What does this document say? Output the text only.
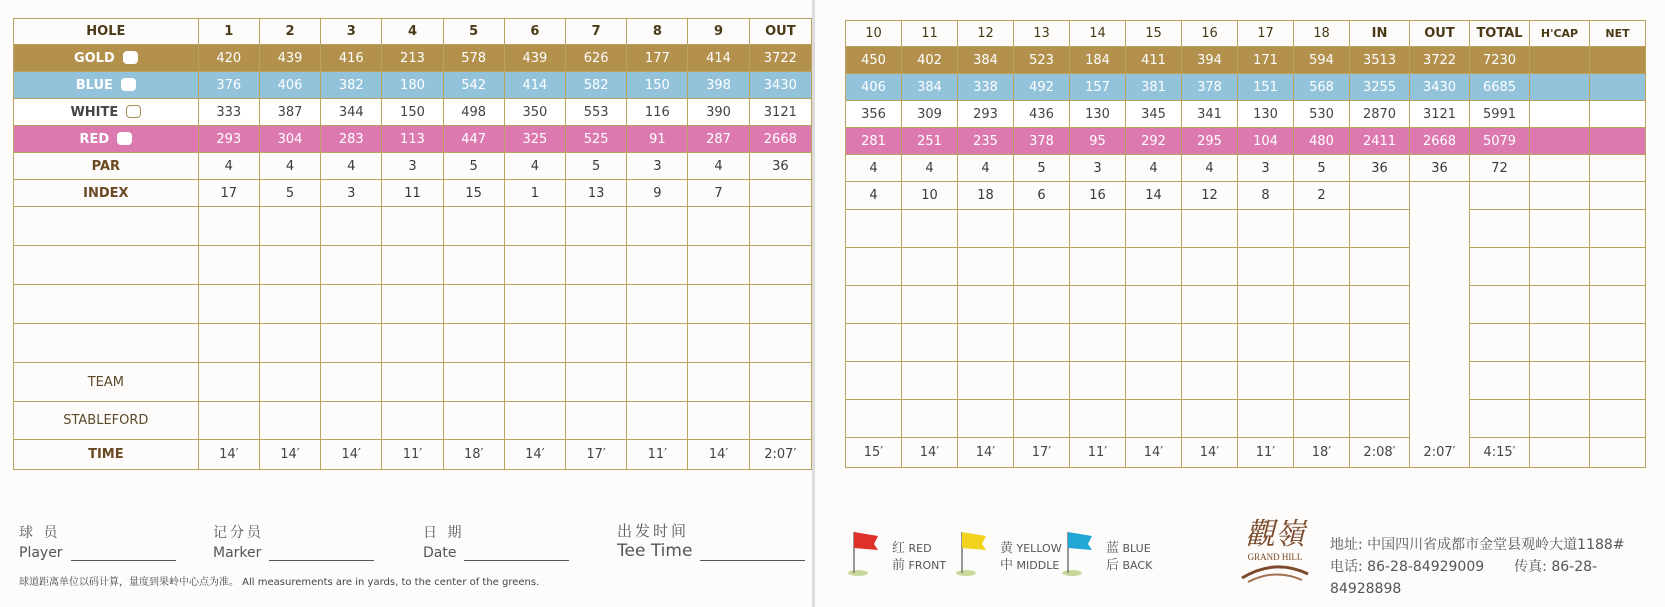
HOLE	1	2	3	4	5	6	7	8	9	OUT
GOLD	420	439	416	213	578	439	626	177	414	3722
BLUE	376	406	382	180	542	414	582	150	398	3430
WHITE	333	387	344	150	498	350	553	116	390	3121
RED	293	304	283	113	447	325	525	91	287	2668
PAR	4	4	4	3	5	4	5	3	4	36
INDEX	17	5	3	11	15	1	13	9	7	

TEAM										
STABLEFORD										
TIME	14′	14′	14′	11′	18′	14′	17′	11′	14′	2:07′
10	11	12	13	14	15	16	17	18	IN	OUT	TOTAL	H'CAP	NET
450	402	384	523	184	411	394	171	594	3513	3722	7230		
406	384	338	492	157	381	378	151	568	3255	3430	6685		
356	309	293	436	130	345	341	130	530	2870	3121	5991		
281	251	235	378	95	292	295	104	480	2411	2668	5079		
4	4	4	5	3	4	4	3	5	36	36	72		
4	10	18	6	16	14	12	8	2					

15′	14′	14′	17′	11′	14′	14′	11′	18′	2:08′	2:07′	4:15′		
球 员
Player
记分员
Marker
日 期
Date
出发时间
Tee Time
球道距离单位以码计算，量度到果岭中心点为准。 All measurements are in yards, to the center of the greens.
红 RED
前 FRONT
黄 YELLOW
中 MIDDLE
蓝 BLUE
后 BACK
觀嶺
GRAND HILL
地址: 中国四川省成都市金堂县观岭大道1188#
电话: 86-28-84929009 传真: 86-28-84928898
